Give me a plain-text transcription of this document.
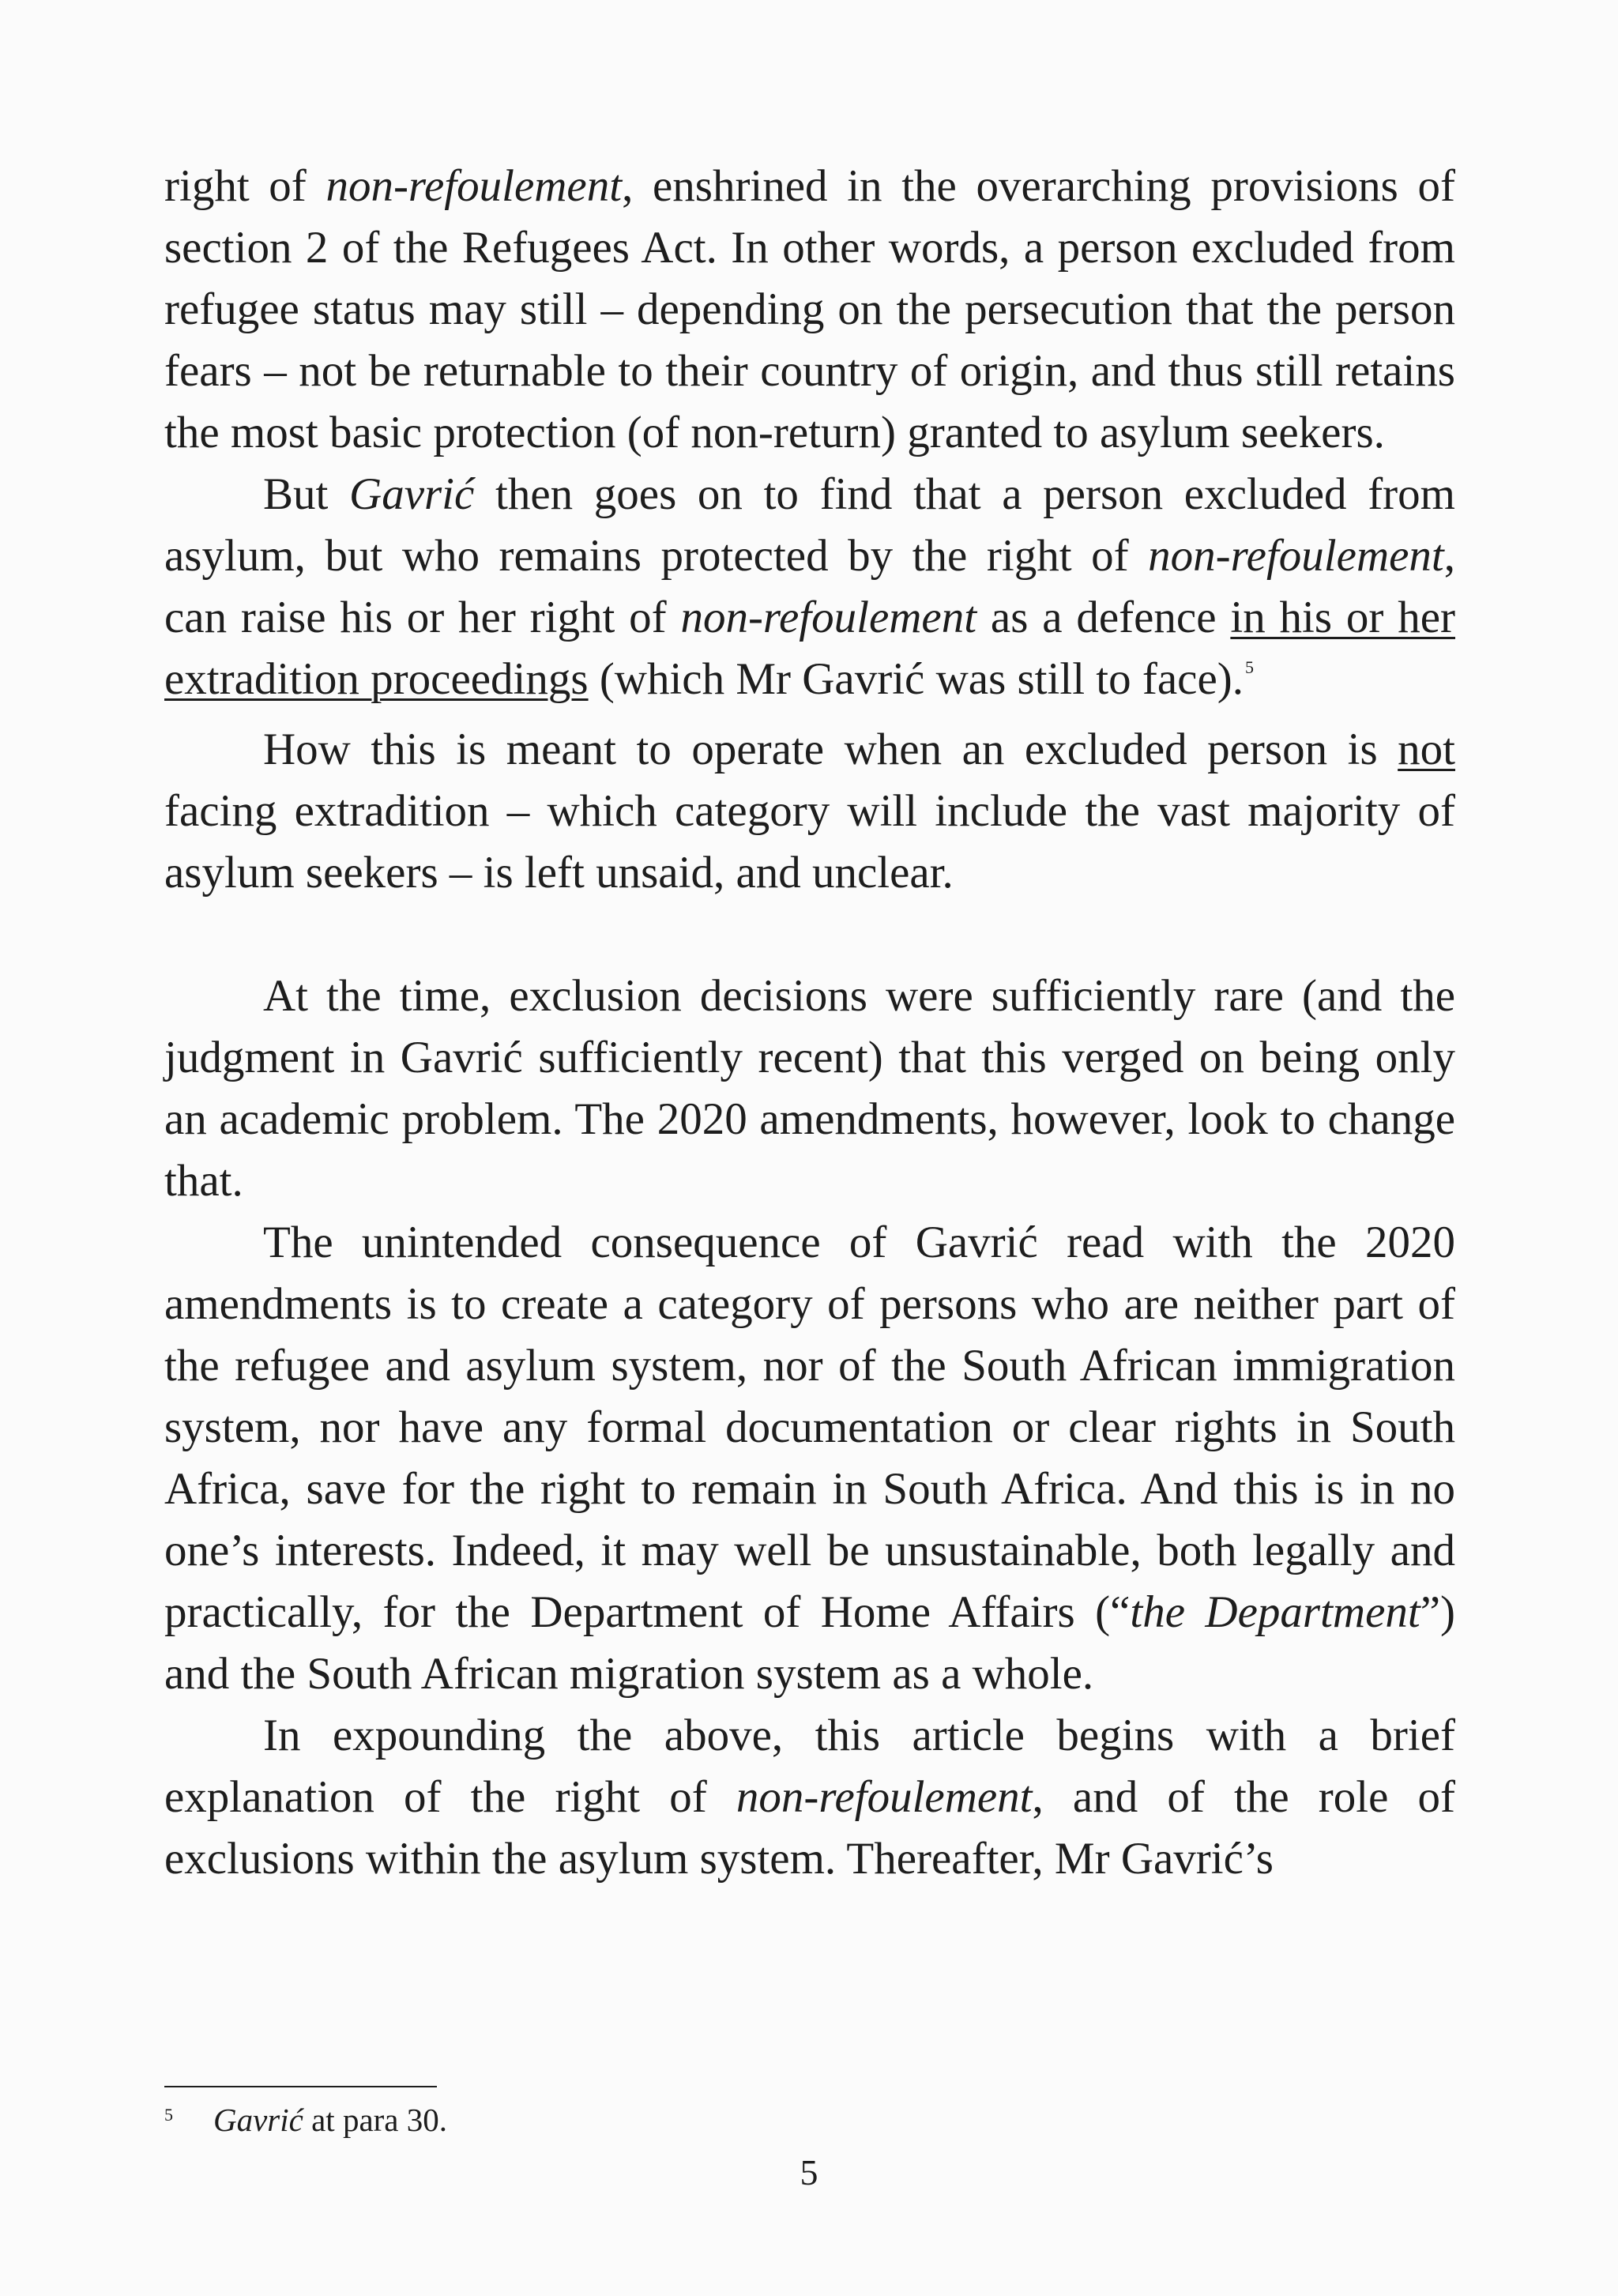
right of non-refoulement, enshrined in the overarching provisions of section 2 of the Refugees Act. In other words, a person excluded from refugee status may still – depending on the persecution that the person fears – not be returnable to their country of origin, and thus still retains the most basic protection (of non-return) granted to asylum seekers.

But Gavrić then goes on to find that a person excluded from asylum, but who remains protected by the right of non-refoulement, can raise his or her right of non-refoulement as a defence in his or her extradition proceedings (which Mr Gavrić was still to face).$^5$

How this is meant to operate when an excluded person is not facing extradition – which category will include the vast majority of asylum seekers – is left unsaid, and unclear.

At the time, exclusion decisions were sufficiently rare (and the judgment in Gavrić sufficiently recent) that this verged on being only an academic problem. The 2020 amendments, however, look to change that.

The unintended consequence of Gavrić read with the 2020 amendments is to create a category of persons who are neither part of the refugee and asylum system, nor of the South African immigration system, nor have any formal documentation or clear rights in South Africa, save for the right to remain in South Africa. And this is in no one’s interests. Indeed, it may well be unsustainable, both legally and practically, for the Department of Home Affairs (“the Department”) and the South African migration system as a whole.

In expounding the above, this article begins with a brief explanation of the right of non-refoulement, and of the role of exclusions within the asylum system. Thereafter, Mr Gavrić’s

5 Gavrić at para 30.
5
